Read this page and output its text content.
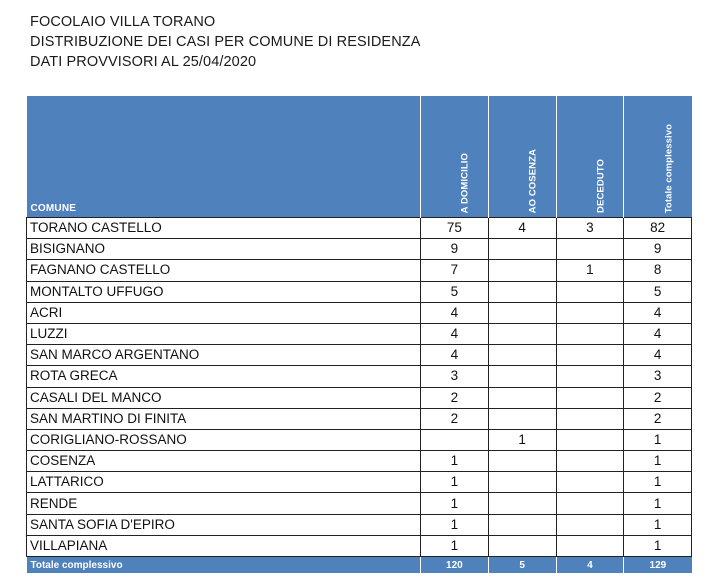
FOCOLAIO VILLA TORANO
DISTRIBUZIONE DEI CASI PER COMUNE DI RESIDENZA
DATI PROVVISORI AL 25/04/2020
COMUNE	A DOMICILIO	AO COSENZA	DECEDUTO	Totale complessivo

TORANO CASTELLO	75	4	3	82
BISIGNANO	9			9
FAGNANO CASTELLO	7		1	8
MONTALTO UFFUGO	5			5
ACRI	4			4
LUZZI	4			4
SAN MARCO ARGENTANO	4			4
ROTA GRECA	3			3
CASALI DEL MANCO	2			2
SAN MARTINO DI FINITA	2			2
CORIGLIANO-ROSSANO		1		1
COSENZA	1			1
LATTARICO	1			1
RENDE	1			1
SANTA SOFIA D'EPIRO	1			1
VILLAPIANA	1			1
Totale complessivo	120	5	4	129
